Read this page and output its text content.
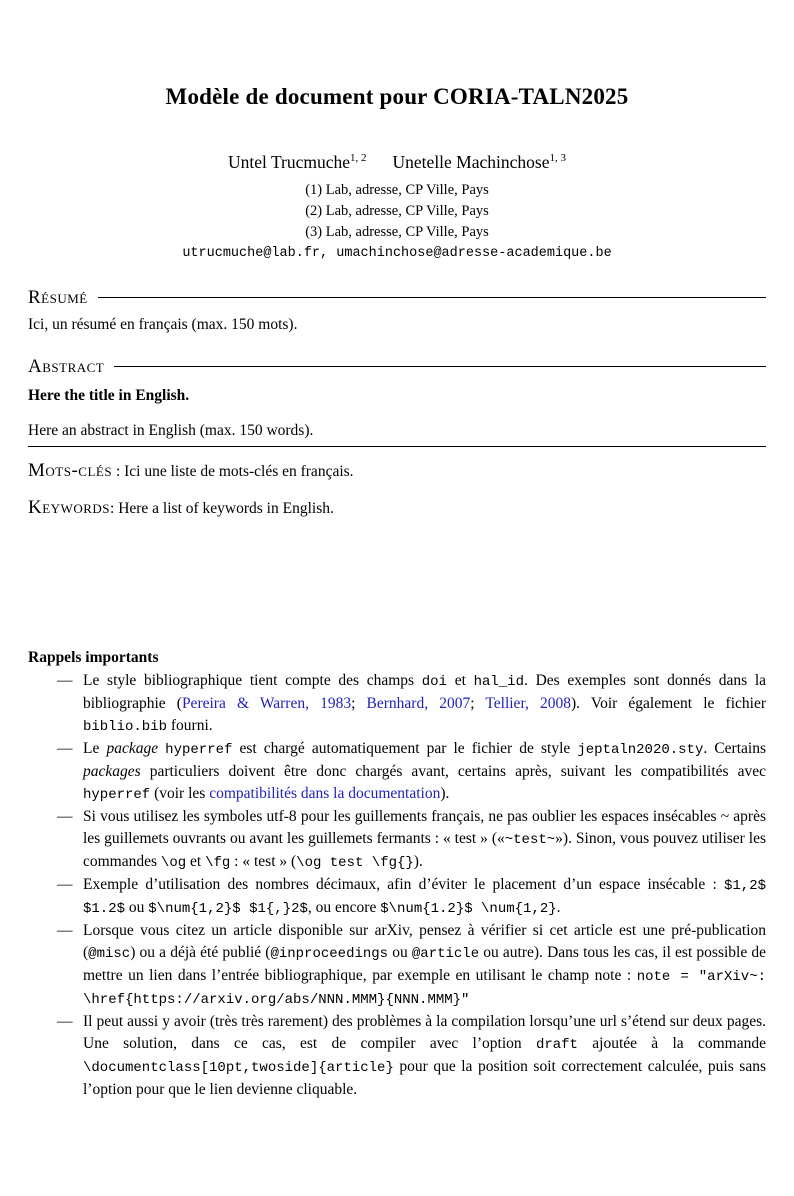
Modèle de document pour CORIA-TALN2025
Untel Trucmuche$^{1, 2}$ Unetelle Machinchose$^{1, 3}$
(1) Lab, adresse, CP Ville, Pays
(2) Lab, adresse, CP Ville, Pays
(3) Lab, adresse, CP Ville, Pays
utrucmuche@lab.fr, umachinchose@adresse-academique.be
Résumé

Ici, un résumé en français (max. 150 mots).

Abstract

Here the title in English.

Here an abstract in English (max. 150 words).

Mots-clés : Ici une liste de mots-clés en français.

Keywords: Here a list of keywords in English.

Rappels importants
— Le style bibliographique tient compte des champs doi et hal_id. Des exemples sont donnés dans la bibliographie (Pereira & Warren, 1983; Bernhard, 2007; Tellier, 2008). Voir également le fichier biblio.bib fourni.
— Le package hyperref est chargé automatiquement par le fichier de style jeptaln2020.sty. Certains packages particuliers doivent être donc chargés avant, certains après, suivant les compatibilités avec hyperref (voir les compatibilités dans la documentation).
— Si vous utilisez les symboles utf-8 pour les guillements français, ne pas oublier les espaces insécables ~ après les guillemets ouvrants ou avant les guillemets fermants : « test » («~test~»). Sinon, vous pouvez utiliser les commandes \og et \fg : « test » (\og test \fg{}).
— Exemple d’utilisation des nombres décimaux, afin d’éviter le placement d’un espace insécable : $1,2$ $1.2$ ou $\num{1,2}$ $1{,}2$, ou encore $\num{1.2}$ \num{1,2}.
— Lorsque vous citez un article disponible sur arXiv, pensez à vérifier si cet article est une pré-publication (@misc) ou a déjà été publié (@inproceedings ou @article ou autre). Dans tous les cas, il est possible de mettre un lien dans l’entrée bibliographique, par exemple en utilisant le champ note : note = "arXiv~: \href{https://arxiv.org/abs/NNN.MMM}{NNN.MMM}"
— Il peut aussi y avoir (très très rarement) des problèmes à la compilation lorsqu’une url s’étend sur deux pages. Une solution, dans ce cas, est de compiler avec l’option draft ajoutée à la commande \documentclass[10pt,twoside]{article} pour que la position soit correctement calculée, puis sans l’option pour que le lien devienne cliquable.
